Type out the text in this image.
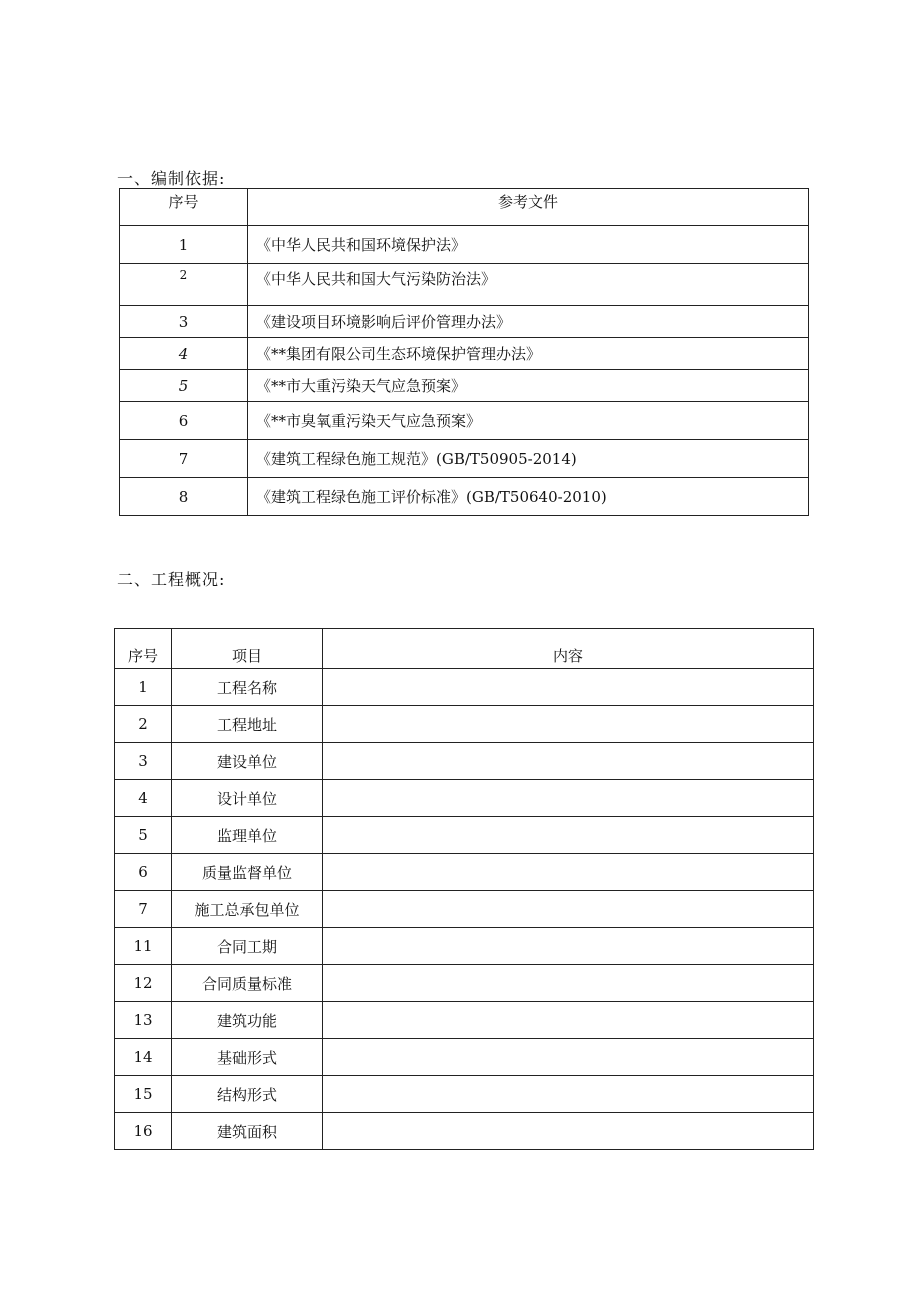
一、编制依据:
序号	参考文件
1	《中华人民共和国环境保护法》
2	《中华人民共和国大气污染防治法》
3	《建设项目环境影响后评价管理办法》
4	《**集团有限公司生态环境保护管理办法》
5	《**市大重污染天气应急预案》
6	《**市臭氧重污染天气应急预案》
7	《建筑工程绿色施工规范》(GB/T50905-2014)
8	《建筑工程绿色施工评价标准》(GB/T50640-2010)
二、工程概况:
序号	项目	内容
1	工程名称	
2	工程地址	
3	建设单位	
4	设计单位	
5	监理单位	
6	质量监督单位	
7	施工总承包单位	
11	合同工期	
12	合同质量标准	
13	建筑功能	
14	基础形式	
15	结构形式	
16	建筑面积	
